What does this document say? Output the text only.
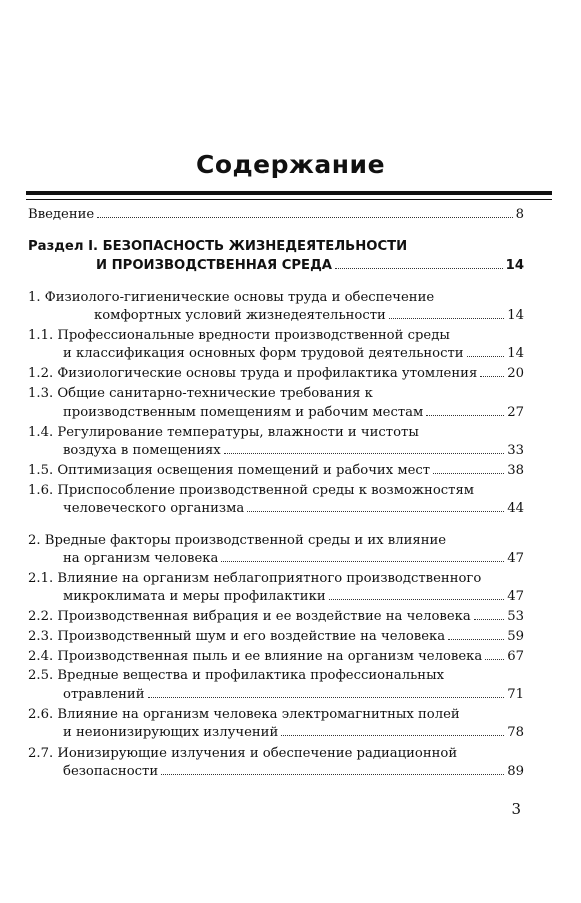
Содержание
Введение	8
Раздел I. БЕЗОПАСНОСТЬ ЖИЗНЕДЕЯТЕЛЬНОСТИ
И ПРОИЗВОДСТВЕННАЯ СРЕДА	14
1. Физиолого-гигиенические основы труда и обеспечение
комфортных условий жизнедеятельности	14
1.1. Профессиональные вредности производственной среды
и классификация основных форм трудовой деятельности	14
1.2. Физиологические основы труда и профилактика утомления 20
1.3. Общие санитарно-технические требования к
производственным помещениям и рабочим местам	27
1.4. Регулирование температуры, влажности и чистоты
воздуха в помещениях	33
1.5. Оптимизация освещения помещений и рабочих мест	38
1.6. Приспособление производственной среды к возможностям
человеческого организма	44
2. Вредные факторы производственной среды и их влияние
на организм человека	47
2.1. Влияние на организм неблагоприятного производственного
микроклимата и меры профилактики	47
2.2. Производственная вибрация и ее воздействие на человека	53
2.3. Производственный шум и его воздействие на человека	59
2.4. Производственная пыль и ее влияние на организм человека 67
2.5. Вредные вещества и профилактика профессиональных
отравлений	71
2.6. Влияние на организм человека электромагнитных полей
и неионизирующих излучений	78
2.7. Ионизирующие излучения и обеспечение радиационной
безопасности	89
3
